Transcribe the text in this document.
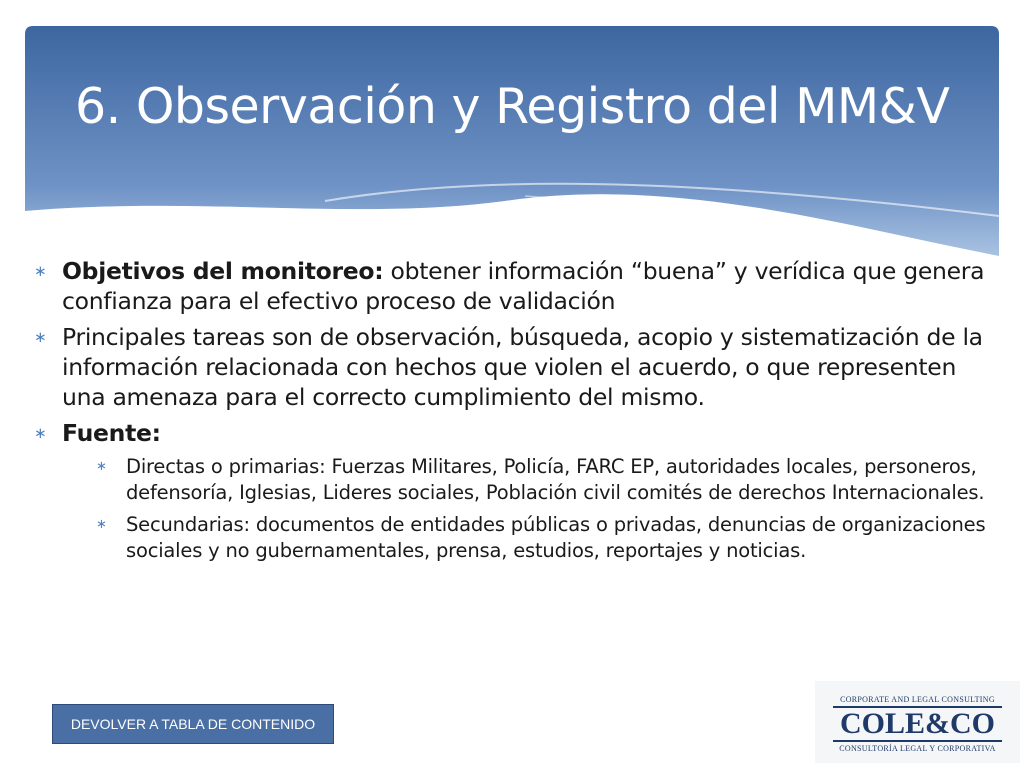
6. Observación y Registro del MM&V
∗ Objetivos del monitoreo: obtener información “buena” y verídica que genera confianza para el efectivo proceso de validación
∗ Principales tareas son de observación, búsqueda, acopio y sistematización de la información relacionada con hechos que violen el acuerdo, o que representen una amenaza para el correcto cumplimiento del mismo.
∗ Fuente:
∗ Directas o primarias: Fuerzas Militares, Policía, FARC EP, autoridades locales, personeros, defensoría, Iglesias, Lideres sociales, Población civil comités de derechos Internacionales.
∗ Secundarias: documentos de entidades públicas o privadas, denuncias de organizaciones sociales y no gubernamentales, prensa, estudios, reportajes y noticias.
DEVOLVER A TABLA DE CONTENIDO
CORPORATE AND LEGAL CONSULTING
COLE&CO
CONSULTORÍA LEGAL Y CORPORATIVA
